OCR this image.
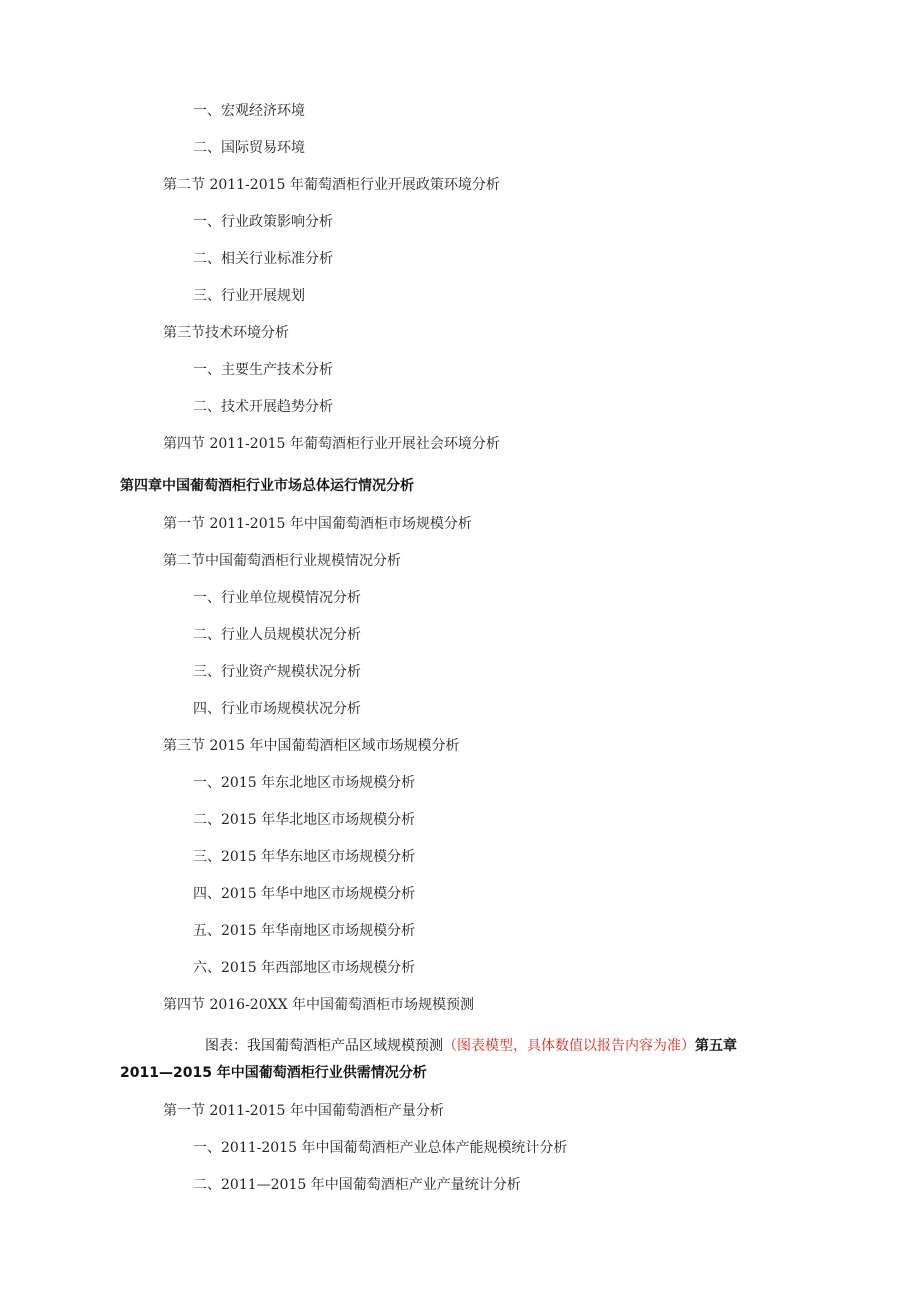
一、宏观经济环境
二、国际贸易环境
第二节 2011-2015 年葡萄酒柜行业开展政策环境分析
一、行业政策影响分析
二、相关行业标准分析
三、行业开展规划
第三节技术环境分析
一、主要生产技术分析
二、技术开展趋势分析
第四节 2011-2015 年葡萄酒柜行业开展社会环境分析
第四章中国葡萄酒柜行业市场总体运行情况分析
第一节 2011-2015 年中国葡萄酒柜市场规模分析
第二节中国葡萄酒柜行业规模情况分析
一、行业单位规模情况分析
二、行业人员规模状况分析
三、行业资产规模状况分析
四、行业市场规模状况分析
第三节 2015 年中国葡萄酒柜区域市场规模分析
一、2015 年东北地区市场规模分析
二、2015 年华北地区市场规模分析
三、2015 年华东地区市场规模分析
四、2015 年华中地区市场规模分析
五、2015 年华南地区市场规模分析
六、2015 年西部地区市场规模分析
第四节 2016-20XX 年中国葡萄酒柜市场规模预测
图表：我国葡萄酒柜产品区域规模预测（图表模型，具体数值以报告内容为准）第五章
2011—2015 年中国葡萄酒柜行业供需情况分析
第一节 2011-2015 年中国葡萄酒柜产量分析
一、2011-2015 年中国葡萄酒柜产业总体产能规模统计分析
二、2011—2015 年中国葡萄酒柜产业产量统计分析
